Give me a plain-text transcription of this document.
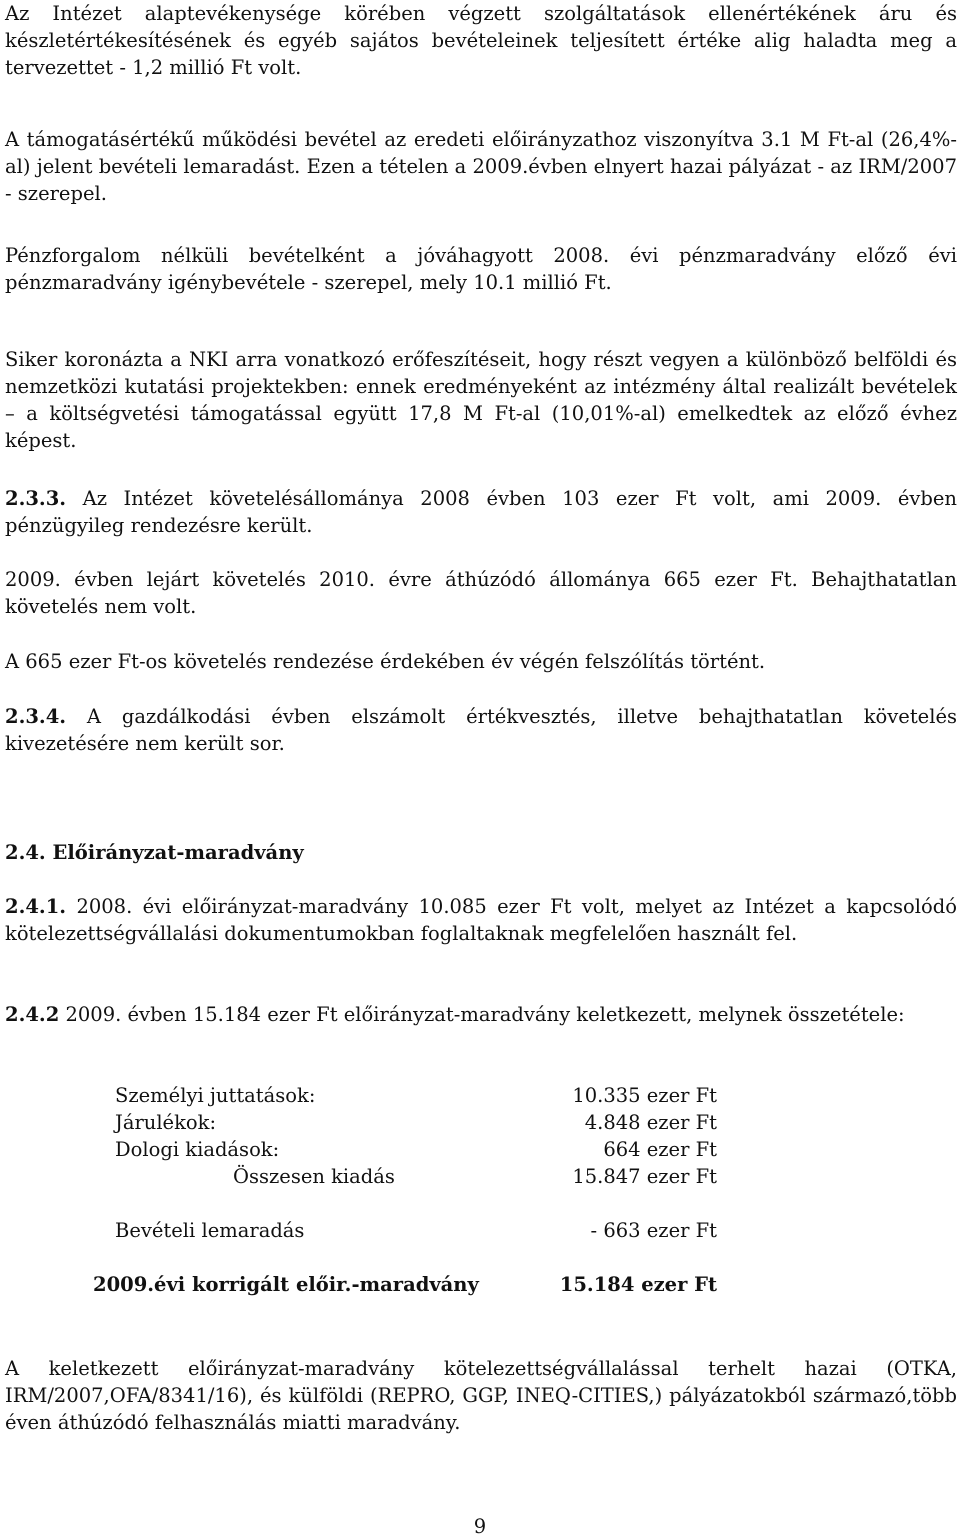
Az Intézet alaptevékenysége körében végzett szolgáltatások ellenértékének áru és készletértékesítésének és egyéb sajátos bevételeinek teljesített értéke alig haladta meg a tervezettet - 1,2 millió Ft volt.

A támogatásértékű működési bevétel az eredeti előirányzathoz viszonyítva 3.1 M Ft-al (26,4%-al) jelent bevételi lemaradást. Ezen a tételen a 2009.évben elnyert hazai pályázat - az IRM/2007 - szerepel.

Pénzforgalom nélküli bevételként a jóváhagyott 2008. évi pénzmaradvány előző évi pénzmaradvány igénybevétele - szerepel, mely 10.1 millió Ft.

Siker koronázta a NKI arra vonatkozó erőfeszítéseit, hogy részt vegyen a különböző belföldi és nemzetközi kutatási projektekben: ennek eredményeként az intézmény által realizált bevételek – a költségvetési támogatással együtt 17,8 M Ft-al (10,01%-al) emelkedtek az előző évhez képest.

2.3.3. Az Intézet követelésállománya 2008 évben 103 ezer Ft volt, ami 2009. évben pénzügyileg rendezésre került.

2009. évben lejárt követelés 2010. évre áthúzódó állománya 665 ezer Ft. Behajthatatlan követelés nem volt.

A 665 ezer Ft-os követelés rendezése érdekében év végén felszólítás történt.

2.3.4. A gazdálkodási évben elszámolt értékvesztés, illetve behajthatatlan követelés kivezetésére nem került sor.

2.4. Előirányzat-maradvány

2.4.1. 2008. évi előirányzat-maradvány 10.085 ezer Ft volt, melyet az Intézet a kapcsolódó kötelezettségvállalási dokumentumokban foglaltaknak megfelelően használt fel.

2.4.2 2009. évben 15.184 ezer Ft előirányzat-maradvány keletkezett, melynek összetétele:

Személyi juttatások:	10.335 ezer Ft
Járulékok:	4.848 ezer Ft
Dologi kiadások:	664 ezer Ft
Összesen kiadás	15.847 ezer Ft
Bevételi lemaradás	- 663 ezer Ft
2009.évi korrigált előir.-maradvány	15.184 ezer Ft

A keletkezett előirányzat-maradvány kötelezettségvállalással terhelt hazai (OTKA, IRM/2007,OFA/8341/16), és külföldi (REPRO, GGP, INEQ-CITIES,) pályázatokból származó,több éven áthúzódó felhasználás miatti maradvány.

9
